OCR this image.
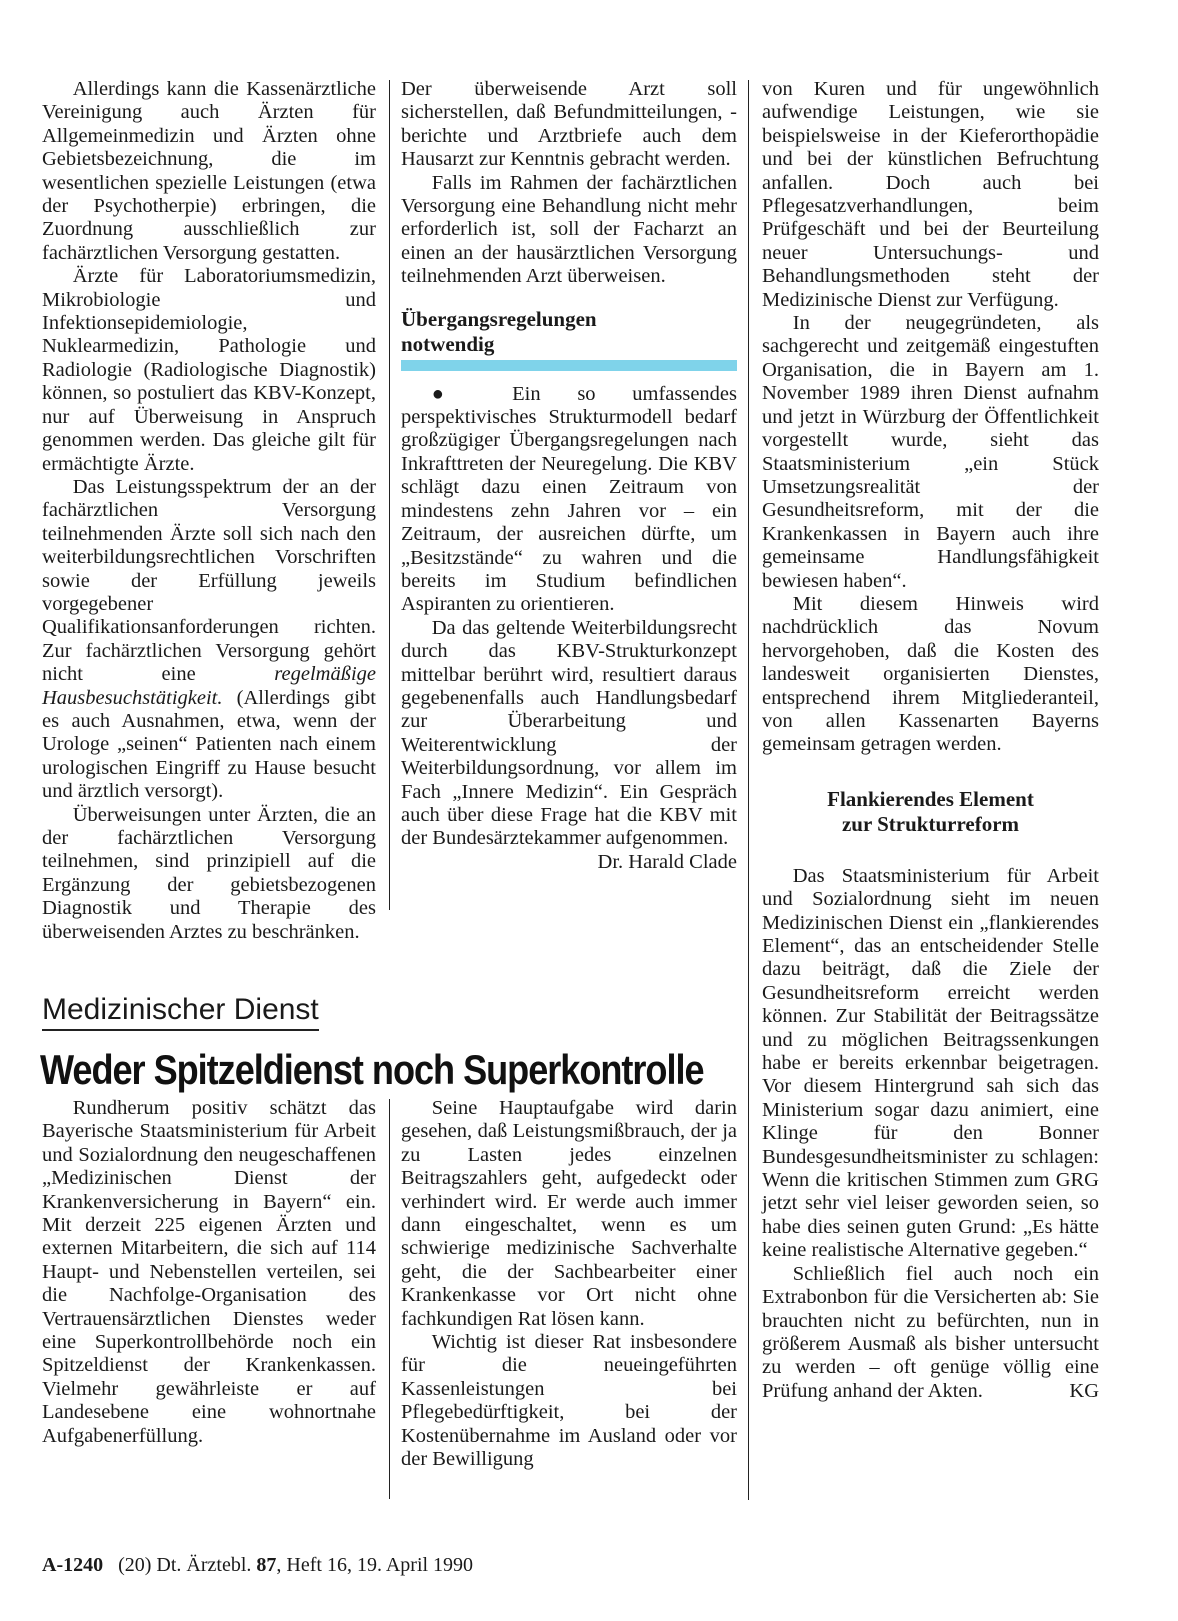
Allerdings kann die Kassenärztliche Vereinigung auch Ärzten für Allgemeinmedizin und Ärzten ohne Gebietsbezeichnung, die im wesentlichen spezielle Leistungen (etwa der Psychotherpie) erbringen, die Zuordnung ausschließlich zur fachärztlichen Versorgung gestatten.

Ärzte für Laboratoriumsmedizin, Mikrobiologie und Infektionsepidemiologie, Nuklearmedizin, Pathologie und Radiologie (Radiologische Diagnostik) können, so postuliert das KBV-Konzept, nur auf Überweisung in Anspruch genommen werden. Das gleiche gilt für ermächtigte Ärzte.

Das Leistungsspektrum der an der fachärztlichen Versorgung teilnehmenden Ärzte soll sich nach den weiterbildungsrechtlichen Vorschriften sowie der Erfüllung jeweils vorgegebener Qualifikationsanforderungen richten. Zur fachärztlichen Versorgung gehört nicht eine regelmäßige Hausbesuchstätigkeit. (Allerdings gibt es auch Ausnahmen, etwa, wenn der Urologe „seinen“ Patienten nach einem urologischen Eingriff zu Hause besucht und ärztlich versorgt).

Überweisungen unter Ärzten, die an der fachärztlichen Versorgung teilnehmen, sind prinzipiell auf die Ergänzung der gebietsbezogenen Diagnostik und Therapie des überweisenden Arztes zu beschränken.

Der überweisende Arzt soll sicherstellen, daß Befundmitteilungen, -berichte und Arztbriefe auch dem Hausarzt zur Kenntnis gebracht werden.

Falls im Rahmen der fachärztlichen Versorgung eine Behandlung nicht mehr erforderlich ist, soll der Facharzt an einen an der hausärztlichen Versorgung teilnehmenden Arzt überweisen.

Übergangsregelungen notwendig

● Ein so umfassendes perspektivisches Strukturmodell bedarf großzügiger Übergangsregelungen nach Inkrafttreten der Neuregelung. Die KBV schlägt dazu einen Zeitraum von mindestens zehn Jahren vor – ein Zeitraum, der ausreichen dürfte, um „Besitzstände“ zu wahren und die bereits im Studium befindlichen Aspiranten zu orientieren.

Da das geltende Weiterbildungsrecht durch das KBV-Strukturkonzept mittelbar berührt wird, resultiert daraus gegebenenfalls auch Handlungsbedarf zur Überarbeitung und Weiterentwicklung der Weiterbildungsordnung, vor allem im Fach „Innere Medizin“. Ein Gespräch auch über diese Frage hat die KBV mit der Bundesärztekammer aufgenommen.
Dr. Harald Clade

von Kuren und für ungewöhnlich aufwendige Leistungen, wie sie beispielsweise in der Kieferorthopädie und bei der künstlichen Befruchtung anfallen. Doch auch bei Pflegesatzverhandlungen, beim Prüfgeschäft und bei der Beurteilung neuer Untersuchungs- und Behandlungsmethoden steht der Medizinische Dienst zur Verfügung.

In der neugegründeten, als sachgerecht und zeitgemäß eingestuften Organisation, die in Bayern am 1. November 1989 ihren Dienst aufnahm und jetzt in Würzburg der Öffentlichkeit vorgestellt wurde, sieht das Staatsministerium „ein Stück Umsetzungsrealität der Gesundheitsreform, mit der die Krankenkassen in Bayern auch ihre gemeinsame Handlungsfähigkeit bewiesen haben“.

Mit diesem Hinweis wird nachdrücklich das Novum hervorgehoben, daß die Kosten des landesweit organisierten Dienstes, entsprechend ihrem Mitgliederanteil, von allen Kassenarten Bayerns gemeinsam getragen werden.

Flankierendes Element
zur Strukturreform

Das Staatsministerium für Arbeit und Sozialordnung sieht im neuen Medizinischen Dienst ein „flankierendes Element“, das an entscheidender Stelle dazu beiträgt, daß die Ziele der Gesundheitsreform erreicht werden können. Zur Stabilität der Beitragssätze und zu möglichen Beitragssenkungen habe er bereits erkennbar beigetragen. Vor diesem Hintergrund sah sich das Ministerium sogar dazu animiert, eine Klinge für den Bonner Bundesgesundheitsminister zu schlagen: Wenn die kritischen Stimmen zum GRG jetzt sehr viel leiser geworden seien, so habe dies seinen guten Grund: „Es hätte keine realistische Alternative gegeben.“

Schließlich fiel auch noch ein Extrabonbon für die Versicherten ab: Sie brauchten nicht zu befürchten, nun in größerem Ausmaß als bisher untersucht zu werden – oft genüge völlig eine Prüfung anhand der Akten.	KG

Medizinischer Dienst
Weder Spitzeldienst noch Superkontrolle

Rundherum positiv schätzt das Bayerische Staatsministerium für Arbeit und Sozialordnung den neugeschaffenen „Medizinischen Dienst der Krankenversicherung in Bayern“ ein. Mit derzeit 225 eigenen Ärzten und externen Mitarbeitern, die sich auf 114 Haupt- und Nebenstellen verteilen, sei die Nachfolge-Organisation des Vertrauensärztlichen Dienstes weder eine Superkontrollbehörde noch ein Spitzeldienst der Krankenkassen. Vielmehr gewährleiste er auf Landesebene eine wohnortnahe Aufgabenerfüllung.

Seine Hauptaufgabe wird darin gesehen, daß Leistungsmißbrauch, der ja zu Lasten jedes einzelnen Beitragszahlers geht, aufgedeckt oder verhindert wird. Er werde auch immer dann eingeschaltet, wenn es um schwierige medizinische Sachverhalte geht, die der Sachbearbeiter einer Krankenkasse vor Ort nicht ohne fachkundigen Rat lösen kann.

Wichtig ist dieser Rat insbesondere für die neueingeführten Kassenleistungen bei Pflegebedürftigkeit, bei der Kostenübernahme im Ausland oder vor der Bewilligung

A-1240 (20) Dt. Ärztebl. 87, Heft 16, 19. April 1990
